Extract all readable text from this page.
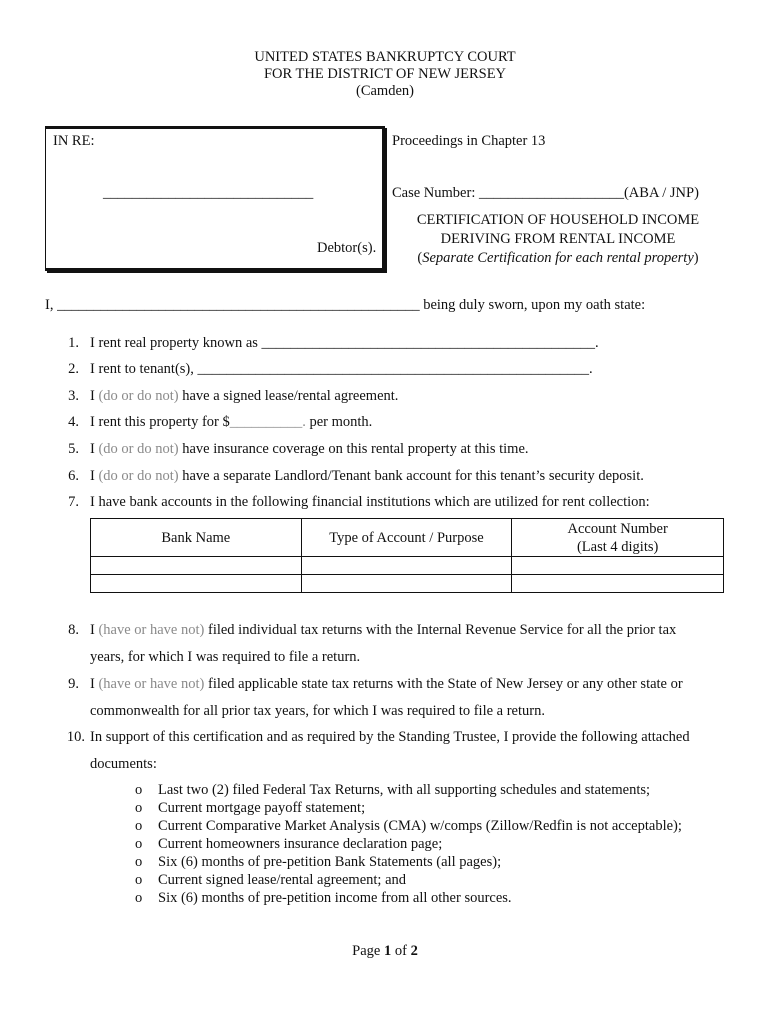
UNITED STATES BANKRUPTCY COURT
FOR THE DISTRICT OF NEW JERSEY
(Camden)
IN RE:
_____________________________
Debtor(s).
Proceedings in Chapter 13
Case Number: ____________________(ABA / JNP)
CERTIFICATION OF HOUSEHOLD INCOME
DERIVING FROM RENTAL INCOME
(Separate Certification for each rental property)
I, __________________________________________________ being duly sworn, upon my oath state:
1. I rent real property known as ______________________________________________.
2. I rent to tenant(s), ______________________________________________________.
3. I (do or do not) have a signed lease/rental agreement.
4. I rent this property for $__________. per month.
5. I (do or do not) have insurance coverage on this rental property at this time.
6. I (do or do not) have a separate Landlord/Tenant bank account for this tenant’s security deposit.
7. I have bank accounts in the following financial institutions which are utilized for rent collection:
Bank Name	Type of Account / Purpose	Account Number
(Last 4 digits)

8. I (have or have not) filed individual tax returns with the Internal Revenue Service for all the prior tax
years, for which I was required to file a return.
9. I (have or have not) filed applicable state tax returns with the State of New Jersey or any other state or
commonwealth for all prior tax years, for which I was required to file a return.
10. In support of this certification and as required by the Standing Trustee, I provide the following attached
documents:
o	Last two (2) filed Federal Tax Returns, with all supporting schedules and statements;
o	Current mortgage payoff statement;
o	Current Comparative Market Analysis (CMA) w/comps (Zillow/Redfin is not acceptable);
o	Current homeowners insurance declaration page;
o	Six (6) months of pre-petition Bank Statements (all pages);
o	Current signed lease/rental agreement; and
o	Six (6) months of pre-petition income from all other sources.
Page 1 of 2
